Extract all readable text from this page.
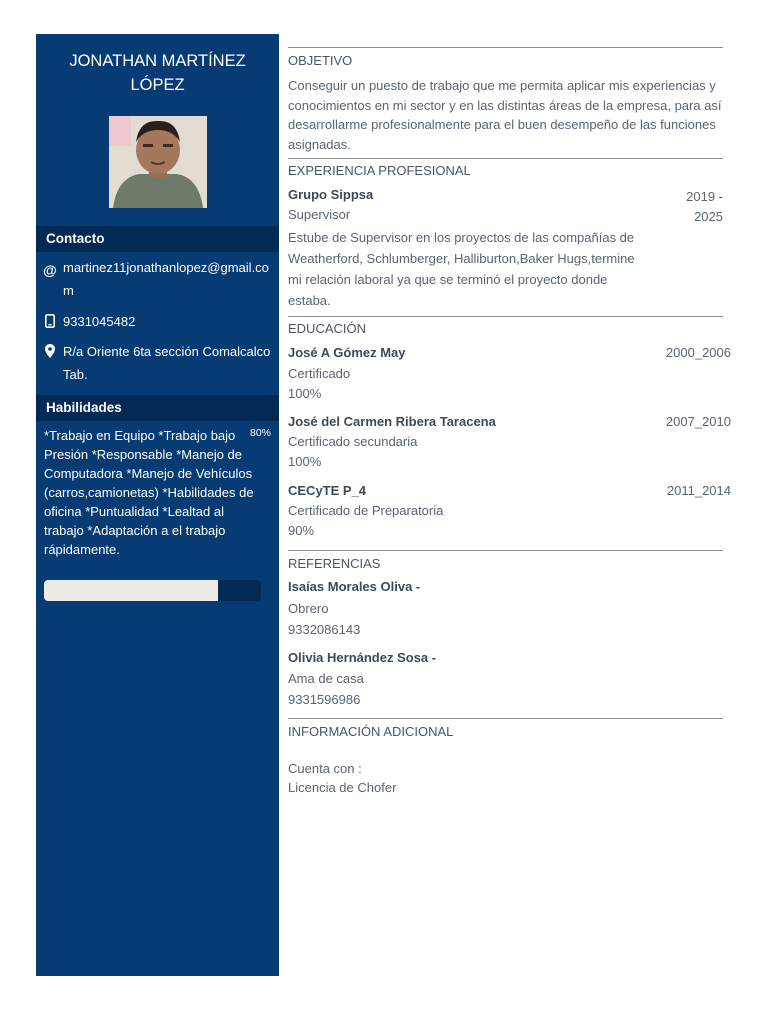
JONATHAN MARTÍNEZ LÓPEZ
Contacto
@ martinez11jonathanlopez@gmail.com
9331045482
R/a Oriente 6ta sección Comalcalco Tab.
Habilidades
*Trabajo en Equipo *Trabajo bajo Presión *Responsable *Manejo de Computadora *Manejo de Vehículos (carros,camionetas) *Habilidades de oficina *Puntualidad *Lealtad al trabajo *Adaptación a el trabajo rápidamente.
80%
OBJETIVO
Conseguir un puesto de trabajo que me permita aplicar mis experiencias y conocimientos en mi sector y en las distintas áreas de la empresa, para así desarrollarme profesionalmente para el buen desempeño de las funciones asignadas.
EXPERIENCIA PROFESIONAL
Grupo Sippsa	2019 - 2025
Supervisor
Estube de Supervisor en los proyectos de las compañías de Weatherford, Schlumberger, Halliburton,Baker Hugs,termine mi relación laboral ya que se terminó el proyecto donde estaba.
EDUCACIÓN
José A Gómez May	2000_2006
Certificado
100%
José del Carmen Ribera Taracena	2007_2010
Certificado secundaria
100%
CECyTE P_4	2011_2014
Certificado de Preparatoria
90%
REFERENCIAS
Isaías Morales Oliva -
Obrero
9332086143
Olivia Hernández Sosa -
Ama de casa
9331596986
INFORMACIÓN ADICIONAL
Cuenta con :
Licencia de Chofer
